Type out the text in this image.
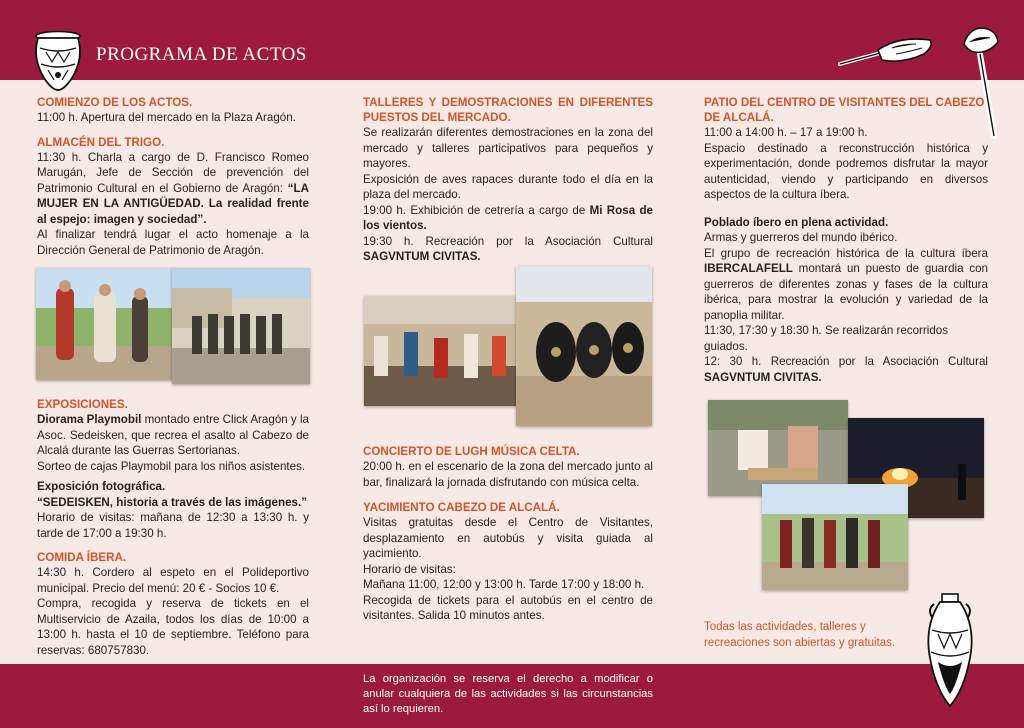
PROGRAMA DE ACTOS

COMIENZO DE LOS ACTOS.

11:00 h. Apertura del mercado en la Plaza Aragón.

ALMACÉN DEL TRIGO.

11:30 h. Charla a cargo de D. Francisco Romeo Marugán, Jefe de Sección de prevención del Patrimonio Cultural en el Gobierno de Aragón: “LA MUJER EN LA ANTIGÜEDAD. La realidad frente al espejo: imagen y sociedad”.

Al finalizar tendrá lugar el acto homenaje a la Dirección General de Patrimonio de Aragón.

EXPOSICIONES.

Diorama Playmobil montado entre Click Aragón y la Asoc. Sedeisken, que recrea el asalto al Cabezo de Alcalá durante las Guerras Sertorianas.

Sorteo de cajas Playmobil para los niños asistentes.

Exposición fotográfica.

“SEDEISKEN, historia a través de las imágenes.”

Horario de visitas: mañana de 12:30 a 13:30 h. y tarde de 17:00 a 19:30 h.

COMIDA ÍBERA.

14:30 h. Cordero al espeto en el Polideportivo municipal. Precio del menú: 20 € - Socios 10 €.

Compra, recogida y reserva de tickets en el Multiservicio de Azaila, todos los días de 10:00 a 13:00 h. hasta el 10 de septiembre. Teléfono para reservas: 680757830.

TALLERES Y DEMOSTRACIONES EN DIFERENTES PUESTOS DEL MERCADO.

Se realizarán diferentes demostraciones en la zona del mercado y talleres participativos para pequeños y mayores.

Exposición de aves rapaces durante todo el día en la plaza del mercado.

19:00 h. Exhibición de cetrería a cargo de Mi Rosa de los vientos.

19:30 h. Recreación por la Asociación Cultural SAGVNTUM CIVITAS.

CONCIERTO DE LUGH MÚSICA CELTA.

20:00 h. en el escenario de la zona del mercado junto al bar, finalizará la jornada disfrutando con música celta.

YACIMIENTO CABEZO DE ALCALÁ.

Visitas gratuitas desde el Centro de Visitantes, desplazamiento en autobús y visita guiada al yacimiento.

Horario de visitas:

Mañana 11:00, 12:00 y 13:00 h. Tarde 17:00 y 18:00 h.

Recogida de tickets para el autobús en el centro de visitantes. Salida 10 minutos antes.

PATIO DEL CENTRO DE VISITANTES DEL CABEZO DE ALCALÁ.

11:00 a 14:00 h. – 17 a 19:00 h.

Espacio destinado a reconstrucción histórica y experimentación, donde podremos disfrutar la mayor autenticidad, viendo y participando en diversos aspectos de la cultura íbera.

Poblado íbero en plena actividad.

Armas y guerreros del mundo ibérico.

El grupo de recreación histórica de la cultura íbera IBERCALAFELL montará un puesto de guardia con guerreros de diferentes zonas y fases de la cultura ibérica, para mostrar la evolución y variedad de la panoplia militar.

11:30, 17:30 y 18:30 h. Se realizarán recorridos guiados.

12: 30 h. Recreación por la Asociación Cultural SAGVNTUM CIVITAS.

Todas las actividades, talleres y recreaciones son abiertas y gratuitas.
La organización se reserva el derecho a modificar o anular cualquiera de las actividades si las circunstancias así lo requieren.
